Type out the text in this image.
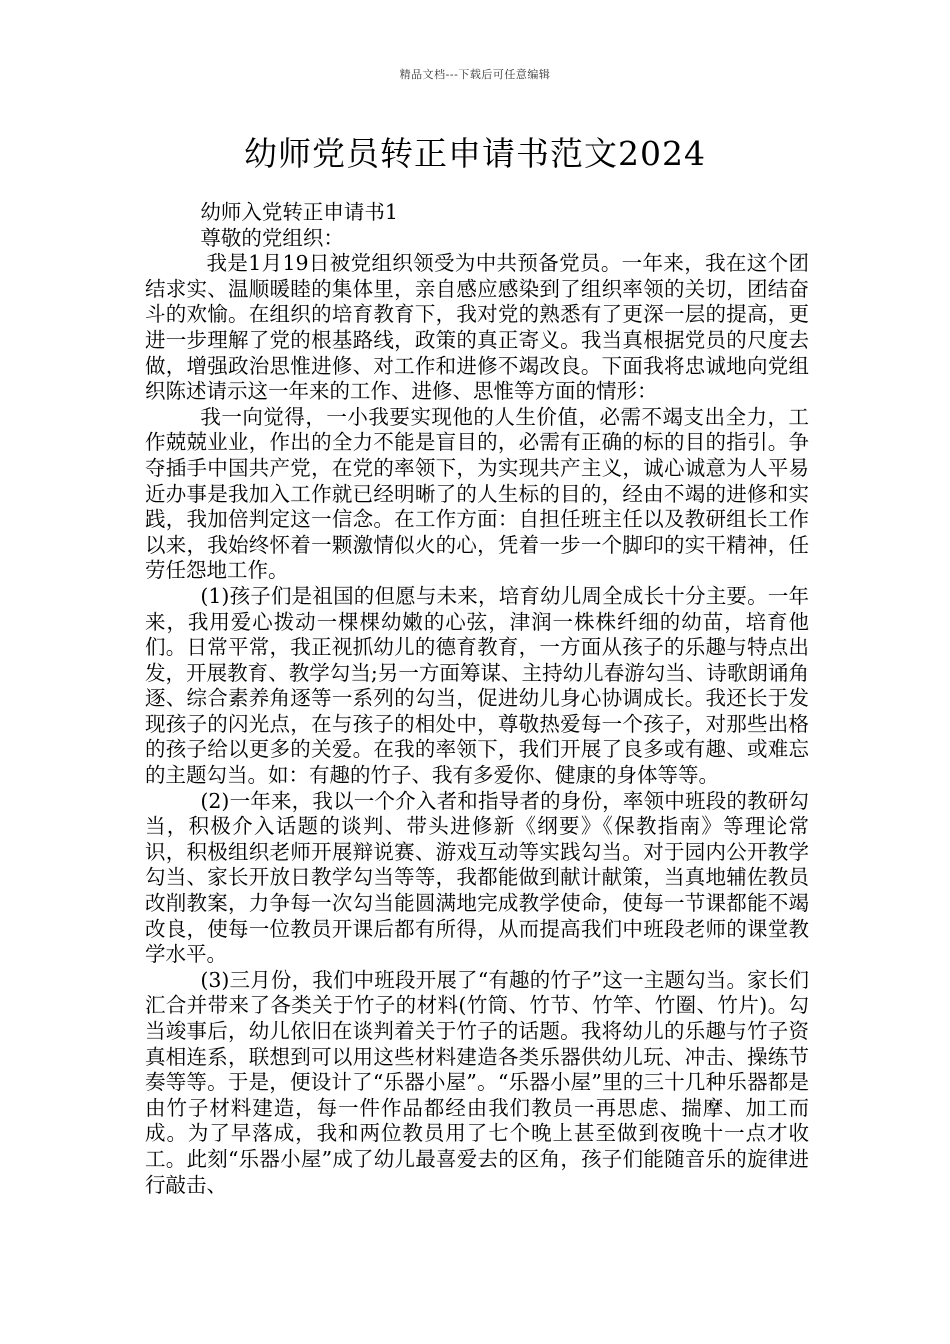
精品文档---下载后可任意编辑
幼师党员转正申请书范文2024

幼师入党转正申请书1

尊敬的党组织：

我是1月19日被党组织领受为中共预备党员。一年来，我在这个团结求实、温顺暖睦的集体里，亲自感应感染到了组织率领的关切，团结奋斗的欢愉。在组织的培育教育下，我对党的熟悉有了更深一层的提高，更进一步理解了党的根基路线，政策的真正寄义。我当真根据党员的尺度去做，增强政治思惟进修、对工作和进修不竭改良。下面我将忠诚地向党组织陈述请示这一年来的工作、进修、思惟等方面的情形：

我一向觉得，一小我要实现他的人生价值，必需不竭支出全力，工作兢兢业业，作出的全力不能是盲目的，必需有正确的标的目的指引。争夺插手中国共产党，在党的率领下，为实现共产主义，诚心诚意为人平易近办事是我加入工作就已经明晰了的人生标的目的，经由不竭的进修和实践，我加倍判定这一信念。在工作方面：自担任班主任以及教研组长工作以来，我始终怀着一颗激情似火的心，凭着一步一个脚印的实干精神，任劳任怨地工作。

(1)孩子们是祖国的但愿与未来，培育幼儿周全成长十分主要。一年来，我用爱心拨动一棵棵幼嫩的心弦，津润一株株纤细的幼苗，培育他们。日常平常，我正视抓幼儿的德育教育，一方面从孩子的乐趣与特点出发，开展教育、教学勾当;另一方面筹谋、主持幼儿春游勾当、诗歌朗诵角逐、综合素养角逐等一系列的勾当，促进幼儿身心协调成长。我还长于发现孩子的闪光点，在与孩子的相处中，尊敬热爱每一个孩子，对那些出格的孩子给以更多的关爱。在我的率领下，我们开展了良多或有趣、或难忘的主题勾当。如：有趣的竹子、我有多爱你、健康的身体等等。

(2)一年来，我以一个介入者和指导者的身份，率领中班段的教研勾当，积极介入话题的谈判、带头进修新《纲要》《保教指南》等理论常识，积极组织老师开展辩说赛、游戏互动等实践勾当。对于园内公开教学勾当、家长开放日教学勾当等等，我都能做到献计献策，当真地辅佐教员改削教案，力争每一次勾当能圆满地完成教学使命，使每一节课都能不竭改良，使每一位教员开课后都有所得，从而提高我们中班段老师的课堂教学水平。

(3)三月份，我们中班段开展了“有趣的竹子”这一主题勾当。家长们汇合并带来了各类关于竹子的材料(竹筒、竹节、竹竿、竹圈、竹片)。勾当竣事后，幼儿依旧在谈判着关于竹子的话题。我将幼儿的乐趣与竹子资真相连系，联想到可以用这些材料建造各类乐器供幼儿玩、冲击、操练节奏等等。于是，便设计了“乐器小屋”。“乐器小屋”里的三十几种乐器都是由竹子材料建造，每一件作品都经由我们教员一再思虑、揣摩、加工而成。为了早落成，我和两位教员用了七个晚上甚至做到夜晚十一点才收工。此刻“乐器小屋”成了幼儿最喜爱去的区角，孩子们能随音乐的旋律进行敲击、
